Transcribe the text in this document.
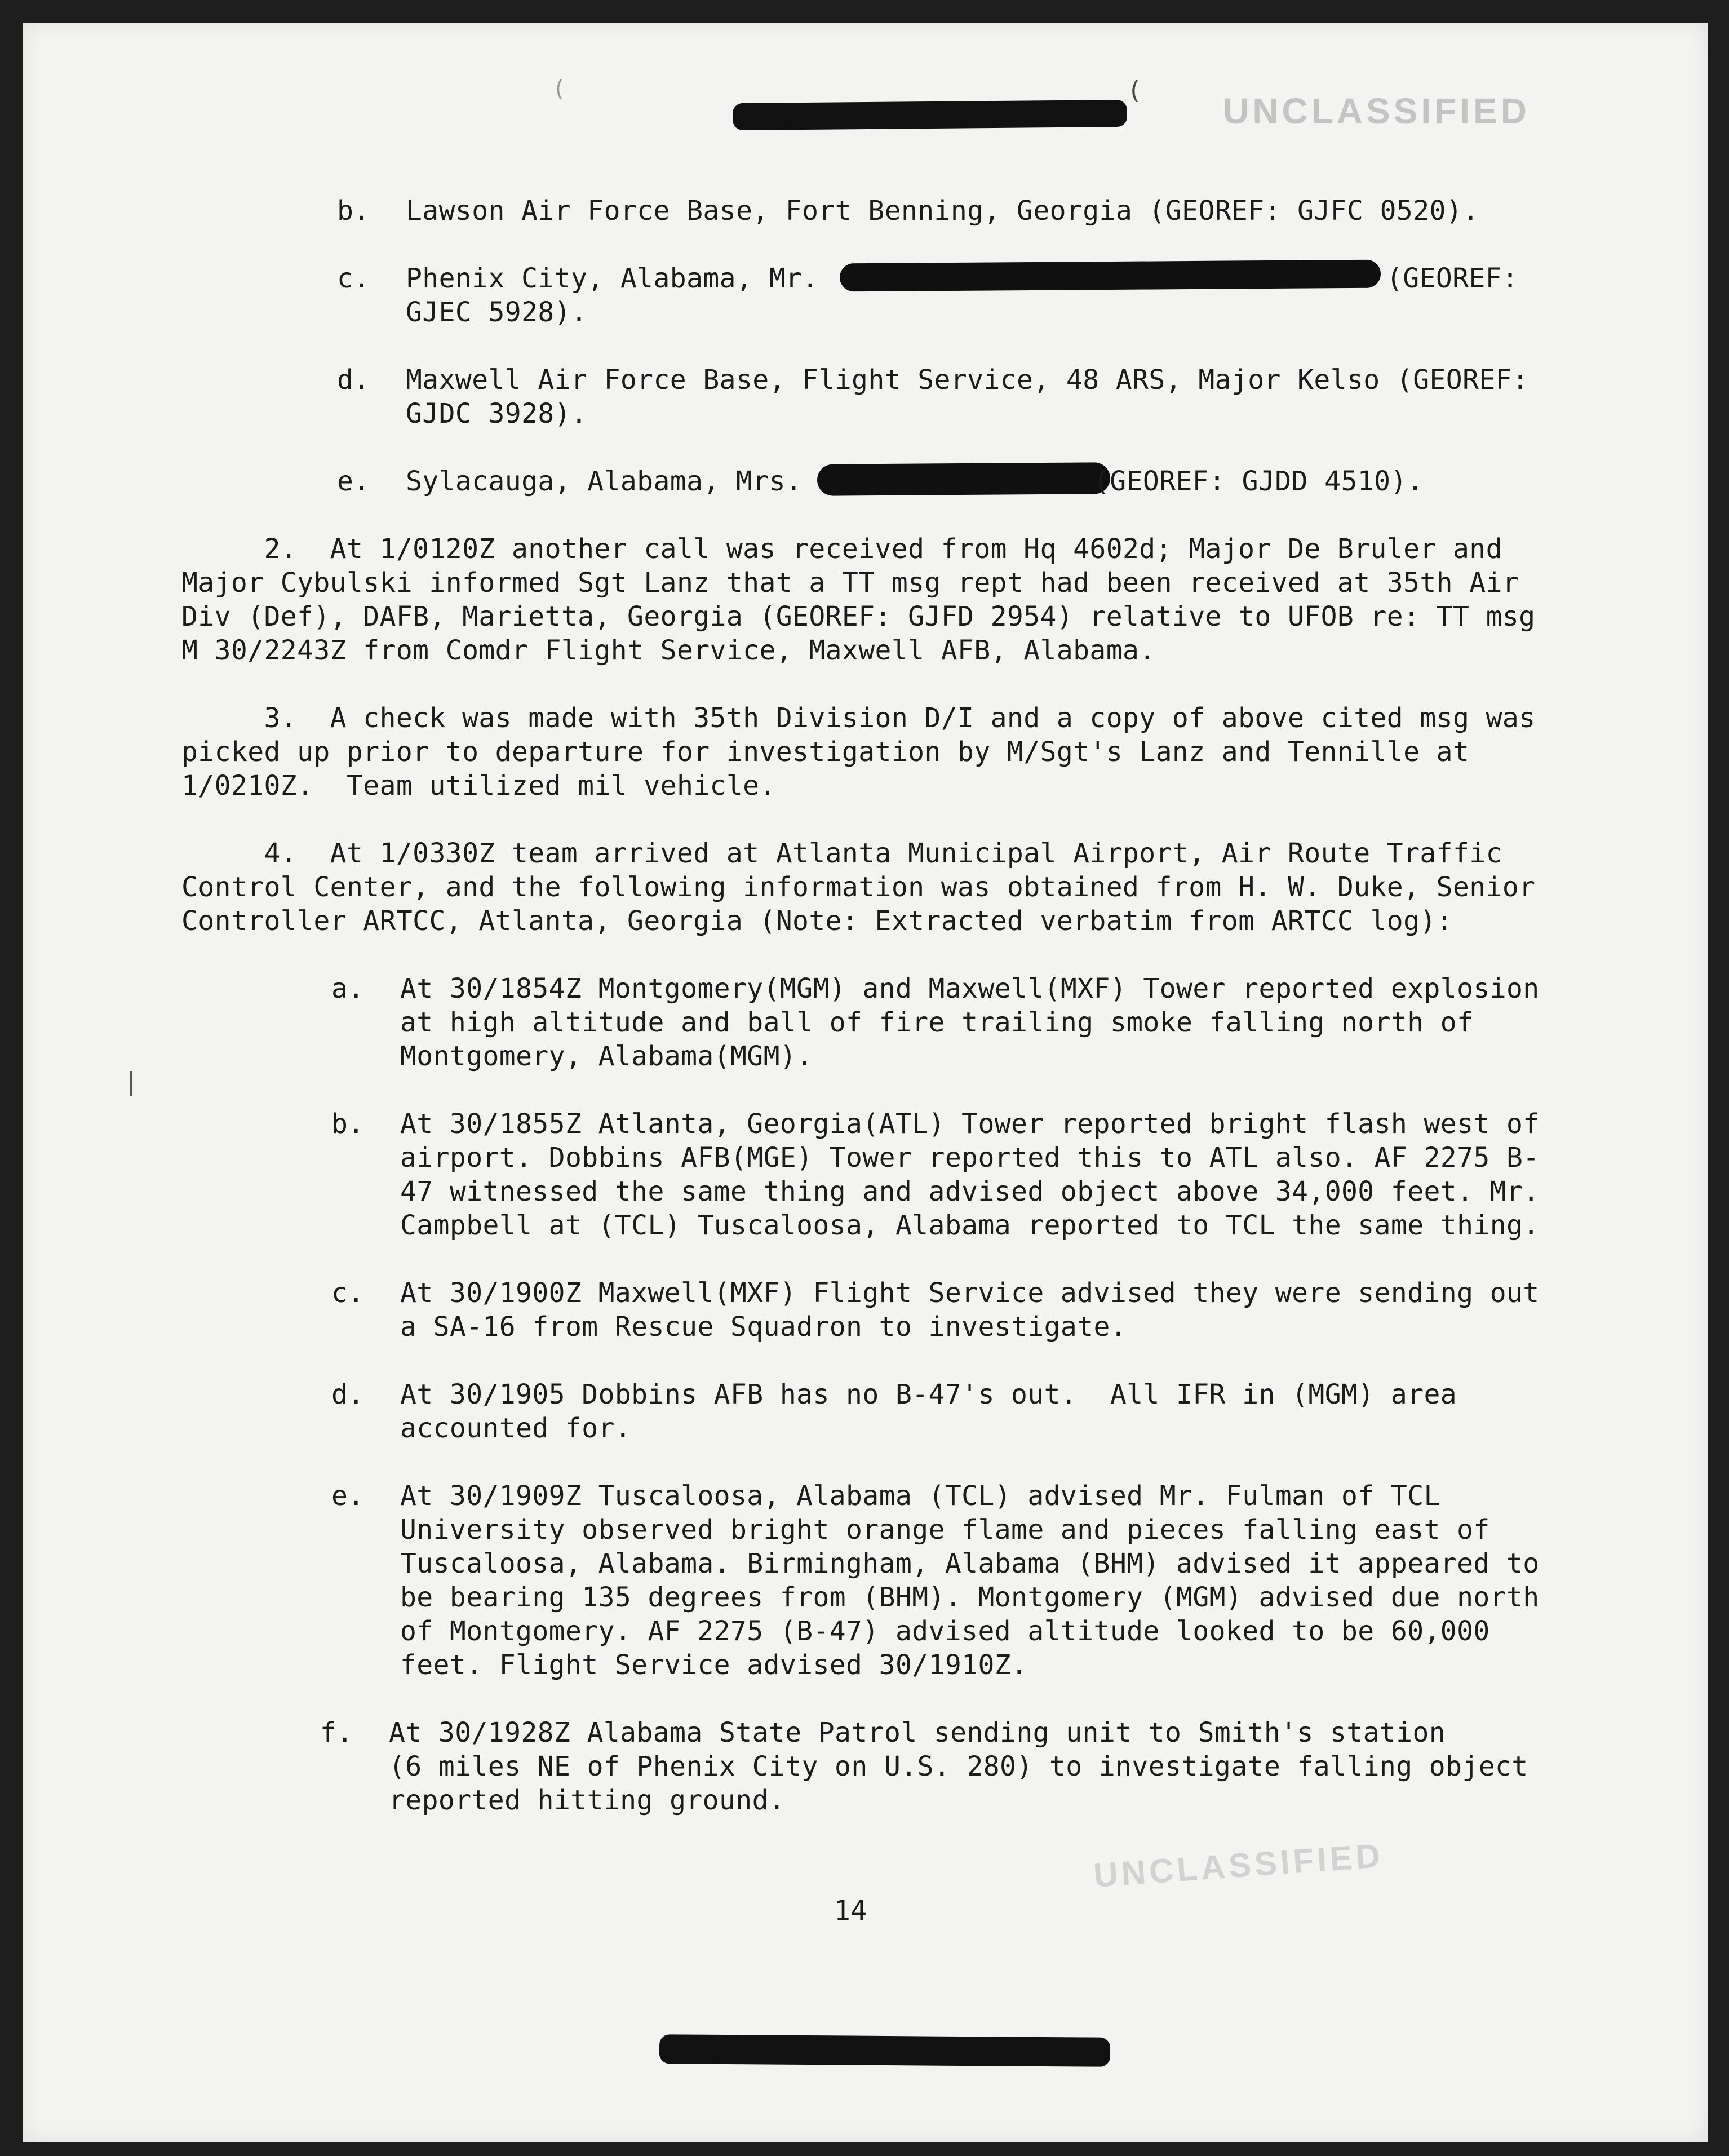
UNCLASSIFIED
(	(
b. Lawson Air Force Base, Fort Benning, Georgia (GEOREF: GJFC 0520).
c. Phenix City, Alabama, Mr.	(GEOREF:
GJEC 5928).
d. Maxwell Air Force Base, Flight Service, 48 ARS, Major Kelso (GEOREF:
GJDC 3928).
e. Sylacauga, Alabama, Mrs.	(GEOREF: GJDD 4510).
2.  At 1/0120Z another call was received from Hq 4602d; Major De Bruler and
Major Cybulski informed Sgt Lanz that a TT msg rept had been received at 35th Air
Div (Def), DAFB, Marietta, Georgia (GEOREF: GJFD 2954) relative to UFOB re: TT msg
M 30/2243Z from Comdr Flight Service, Maxwell AFB, Alabama.
3.  A check was made with 35th Division D/I and a copy of above cited msg was
picked up prior to departure for investigation by M/Sgt's Lanz and Tennille at
1/0210Z.  Team utilized mil vehicle.
4.  At 1/0330Z team arrived at Atlanta Municipal Airport, Air Route Traffic
Control Center, and the following information was obtained from H. W. Duke, Senior
Controller ARTCC, Atlanta, Georgia (Note: Extracted verbatim from ARTCC log):
a. At 30/1854Z Montgomery(MGM) and Maxwell(MXF) Tower reported explosion
at high altitude and ball of fire trailing smoke falling north of
Montgomery, Alabama(MGM).
b. At 30/1855Z Atlanta, Georgia(ATL) Tower reported bright flash west of
airport. Dobbins AFB(MGE) Tower reported this to ATL also. AF 2275 B-
47 witnessed the same thing and advised object above 34,000 feet. Mr.
Campbell at (TCL) Tuscaloosa, Alabama reported to TCL the same thing.
c. At 30/1900Z Maxwell(MXF) Flight Service advised they were sending out
a SA-16 from Rescue Squadron to investigate.
d. At 30/1905 Dobbins AFB has no B-47's out.  All IFR in (MGM) area
accounted for.
e. At 30/1909Z Tuscaloosa, Alabama (TCL) advised Mr. Fulman of TCL
University observed bright orange flame and pieces falling east of
Tuscaloosa, Alabama. Birmingham, Alabama (BHM) advised it appeared to
be bearing 135 degrees from (BHM). Montgomery (MGM) advised due north
of Montgomery. AF 2275 (B-47) advised altitude looked to be 60,000
feet. Flight Service advised 30/1910Z.
f. At 30/1928Z Alabama State Patrol sending unit to Smith's station
(6 miles NE of Phenix City on U.S. 280) to investigate falling object
reported hitting ground.
UNCLASSIFIED
14
